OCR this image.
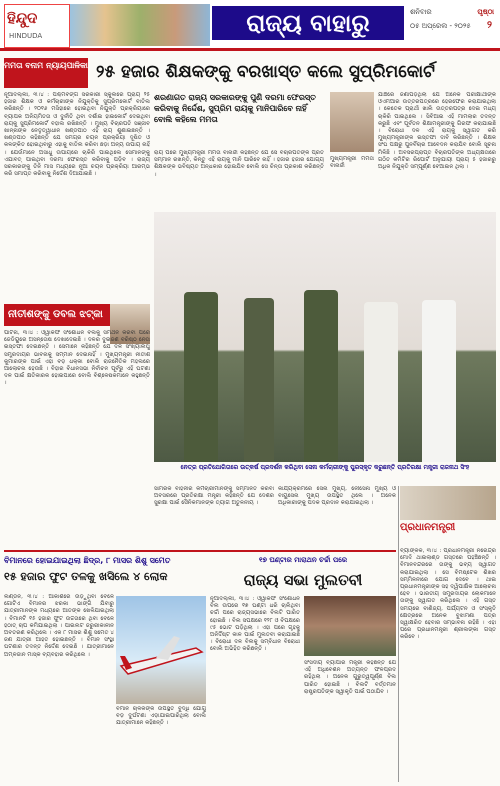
ହିନ୍ଦୁଦ
HINDUDA	ରାଜ୍ୟ ବାହାରୁ	ଶନିବାର	ପୃଷ୍ଠା
୦୫ ଅପ୍ରେଲ - ୨୦୨୫ ୨
ମମତା ବନାମ ନ୍ୟାୟପାଳିକା ୨୫ ହଜାର ଶିକ୍ଷକଙ୍କୁ ବରଖାସ୍ତ କଲେ ସୁପ୍ରିମକୋର୍ଟ
ନୂଆଦିଲ୍ଲୀ, ୩।୪ : ପଶ୍ଚିମବଙ୍ଗ ସରକାରୀ ସ୍କୁଲରେ ପ୍ରାୟ ୨୫ ହଜାର ଶିକ୍ଷକ ଓ କର୍ମଚାରୀଙ୍କ ନିଯୁକ୍ତିକୁ ସୁପ୍ରିମକୋର୍ଟ ବାତିଲ କରିଛନ୍ତି । ୨୦୧୬ ମସିହାରେ ହୋଇଥିବା ନିଯୁକ୍ତି ପ୍ରକ୍ରିୟାରେ ବ୍ୟାପକ ଅନିୟମିତତା ଓ ଦୁର୍ନୀତି ଥିବା ଦର୍ଶାଇ ହାଇକୋର୍ଟ ଦେଇଥିବା ରାୟକୁ ସୁପ୍ରିମକୋର୍ଟ ବହାଲ ରଖିଛନ୍ତି । ମୁଖ୍ୟ ବିଚାରପତି ସଞ୍ଜୀବ ଖାନ୍ନାଙ୍କ ନେତୃତ୍ୱାଧୀନ ଖଣ୍ଡପୀଠ ଏହି ରାୟ ଶୁଣାଇଛନ୍ତି । ଖଣ୍ଡପୀଠ କହିଛନ୍ତି ଯେ ସମଗ୍ର ଚୟନ ପ୍ରକ୍ରିୟା ଦୂଷିତ ଓ କଳଙ୍କିତ ହୋଇଥିବାରୁ ଏହାକୁ ବାତିଲ କରିବା ଛଡ଼ା ଅନ୍ୟ ଉପାୟ ନାହିଁ । ଯେଉଁମାନେ ଅସାଧୁ ଉପାୟରେ ଚାକିରି ପାଇଥିଲେ ସେମାନଙ୍କୁ ଏଯାବତ୍ ପାଇଥିବା ଦରମା ଫେରସ୍ତ କରିବାକୁ ପଡ଼ିବ । ରାଜ୍ୟ ସରକାରଙ୍କୁ ତିନି ମାସ ମଧ୍ୟରେ ନୂଆ ଚୟନ ପ୍ରକ୍ରିୟା ଆରମ୍ଭ କରି ସମାପ୍ତ କରିବାକୁ ନିର୍ଦ୍ଦେଶ ଦିଆଯାଇଛି ।
ଶରଣାଗତ ରାଜ୍ୟ ସରକାରଙ୍କୁ ପୁଣି ଦରମା ଫେରସ୍ତ କରିବାକୁ ନିର୍ଦ୍ଦେଶ, ସୁପ୍ରିମ ରାୟକୁ ମାନିପାରିବେ ନାହିଁ ବୋଲି କହିଲେ ମମତା
ରାୟ ପରେ ମୁଖ୍ୟମନ୍ତ୍ରୀ ମମତା ବାନାର୍ଜୀ କହିଛନ୍ତି ଯେ ସେ ବିଚାରପତିଙ୍କ ପ୍ରତି ସମ୍ମାନ ରଖନ୍ତି, କିନ୍ତୁ ଏହି ରାୟକୁ ମାନି ପାରିବେ ନାହିଁ । ହଜାର ହଜାର ଯୋଗ୍ୟ ଶିକ୍ଷକଙ୍କ ଭବିଷ୍ୟତ ଅନ୍ଧକାର ହୋଇଯିବ ବୋଲି ସେ ଚିନ୍ତା ପ୍ରକାଶ କରିଛନ୍ତି ।
ମୁଖ୍ୟମନ୍ତ୍ରୀ ମମତା ବାନାର୍ଜୀ
ଯାଞ୍ଚରେ ଜଣାପଡ଼ିଥିଲା ଯେ ଅନେକ ପରୀକ୍ଷାର୍ଥୀଙ୍କ ଓଏମଆର ଉତ୍ତରପତ୍ରରେ ହେରଫେର କରାଯାଇଥିଲା । କେତେକ ପ୍ରାର୍ଥୀ ଖାଲି ଉତ୍ତରପତ୍ର ଦେଇ ମଧ୍ୟ ଚାକିରି ପାଇଥିଲେ । ସିବିଆଇ ଏହି ମାମଲାର ତଦନ୍ତ କରୁଛି ଏବଂ ପୂର୍ବତନ ଶିକ୍ଷାମନ୍ତ୍ରୀଙ୍କୁ ଗିରଫ କରାଯାଇଛି । ବିରୋଧୀ ଦଳ ଏହି ରାୟକୁ ସ୍ୱାଗତ କରି ମୁଖ୍ୟମନ୍ତ୍ରୀଙ୍କ ଇସ୍ତଫା ଦାବି କରିଛନ୍ତି । ଶିକ୍ଷକ ସଂଘ ପକ୍ଷରୁ ପୁନର୍ବିଚାର ଆବେଦନ କରାଯିବ ବୋଲି ସୂଚନା ମିଳିଛି । ଅବସରପ୍ରାପ୍ତ ବିଚାରପତିଙ୍କ ଅଧ୍ୟକ୍ଷତାରେ ଗଠିତ କମିଟିର ରିପୋର୍ଟ ଅନୁଯାୟୀ ପ୍ରାୟ ୫ ହଜାରରୁ ଅଧିକ ନିଯୁକ୍ତି ସମ୍ପୂର୍ଣ୍ଣ ବେଆଇନ ଥିଲା ।
ନୀତୀଶଙ୍କୁ ଡବଲ ଝଟ୍କା
ପାଟନା, ୩।୪ : ଓ୍ୱାକଫ ସଂଶୋଧନ ବିଲକୁ ସମର୍ଥନ କରିବା ପରେ ଜେଡିୟୁରେ ଅସନ୍ତୋଷ ଦେଖାଦେଇଛି । ଦଳର ଦୁଇଜଣ ବରିଷ୍ଠ ନେତା ଇସ୍ତଫା ଦେଇଛନ୍ତି । ସେମାନେ କହିଛନ୍ତି ଯେ ଦଳ ସଂଖ୍ୟାଲଘୁ ସମ୍ପ୍ରଦାୟର ଭାବନାକୁ ସମ୍ମାନ ଦେଇନାହିଁ । ମୁଖ୍ୟମନ୍ତ୍ରୀ ନୀତୀଶ କୁମାରଙ୍କ ପାଇଁ ଏହା ବଡ଼ ଧକ୍କା ବୋଲି ରାଜନୈତିକ ମହଲରେ ଆଲୋଚନା ହେଉଛି । ବିହାର ବିଧାନସଭା ନିର୍ବାଚନ ପୂର୍ବରୁ ଏହି ଘଟଣା ଦଳ ପାଇଁ କ୍ଷତିକାରକ ହୋଇପାରେ ବୋଲି ବିଶ୍ଳେଷକମାନେ କହୁଛନ୍ତି ।
ନେତ୍ର ପ୍ରତିଯୋଗିତାରେ ଉତ୍କର୍ଷ ପ୍ରଦର୍ଶନ କରିଥିବା ସେନା କର୍ମଚାରୀଙ୍କୁ ପୁରସ୍କୃତ କରୁଛନ୍ତି ପ୍ରତିରକ୍ଷା ମନ୍ତ୍ରୀ ରାଜନାଥ ସିଂହ
ସାମରିକ ବାହିନୀର କର୍ମଚାରୀମାନଙ୍କୁ ସମ୍ମାନିତ କରିବା ଅବସରରେ ପ୍ରତିରକ୍ଷା ମନ୍ତ୍ରୀ କହିଛନ୍ତି ଯେ ଦେଶର ସୁରକ୍ଷା ପାଇଁ ସୈନିକମାନଙ୍କ ତ୍ୟାଗ ଅତୁଳନୀୟ ।
କାର୍ଯ୍ୟକ୍ରମରେ ସେନା ମୁଖ୍ୟ, ନୌସେନା ମୁଖ୍ୟ ଓ ବାୟୁସେନା ମୁଖ୍ୟ ଉପସ୍ଥିତ ଥିଲେ । ଅନେକ ଅଧିକାରୀଙ୍କୁ ପଦକ ପ୍ରଦାନ କରାଯାଇଥିଲା ।
ପ୍ରଧାନମନ୍ତ୍ରୀ
ବ୍ୟାଙ୍କକ, ୩।୪ : ପ୍ରଧାନମନ୍ତ୍ରୀ ନରେନ୍ଦ୍ର ମୋଦି ଥାଇଲାଣ୍ଡ ଗସ୍ତରେ ପହଞ୍ଚିଛନ୍ତି । ବିମାନବନ୍ଦରରେ ତାଙ୍କୁ ଭବ୍ୟ ସ୍ୱାଗତ କରାଯାଇଥିଲା । ସେ ବିମଷ୍ଟେକ ଶିଖର ସମ୍ମିଳନୀରେ ଯୋଗ ଦେବେ । ଥାଇ ପ୍ରଧାନମନ୍ତ୍ରୀଙ୍କ ସହ ଦ୍ୱିପାକ୍ଷିକ ଆଲୋଚନା ହେବ । ଭାରତୀୟ ସମ୍ପ୍ରଦାୟର ଲୋକମାନେ ତାଙ୍କୁ ସ୍ୱାଗତ କରିଥିଲେ । ଏହି ଗସ୍ତ ସମୟରେ ବାଣିଜ୍ୟ, ପର୍ଯ୍ୟଟନ ଓ ସଂସ୍କୃତି କ୍ଷେତ୍ରରେ ଅନେକ ବୁଝାମଣା ପତ୍ର ସ୍ୱାକ୍ଷରିତ ହେବାର ସମ୍ଭାବନା ରହିଛି । ଏହା ପରେ ପ୍ରଧାନମନ୍ତ୍ରୀ ଶ୍ରୀଲଙ୍କା ଗସ୍ତ କରିବେ ।
ବିମାନରେ ହୋଇଯାଇଥିଲା ଛିଦ୍ର, ୮ ମାସର ଶିଶୁ ସମେତ
୧୫ ହଜାର ଫୁଟ ତଳକୁ ଖସିଲେ ୪ ଲୋକ
ଲଣ୍ଡନ, ୩।୪ : ଆକାଶରେ ଉଡ଼ୁଥିବା ବେଳେ ଗୋଟିଏ ବିମାନର ଝରକା ଭାଙ୍ଗି ଯିବାରୁ ଯାତ୍ରୀମାନଙ୍କ ମଧ୍ୟରେ ଆତଙ୍କ ଖେଳିଯାଇଥିଲା । ବିମାନଟି ୧୫ ହଜାର ଫୁଟ ଉଚ୍ଚତାରେ ଥିବା ବେଳେ ହଠାତ୍ ଚାପ କମିଯାଇଥିଲା । ପାଇଲଟ ଜରୁରୀକାଳୀନ ଅବତରଣ କରିଥିଲେ । ଏକ ୮ ମାସର ଶିଶୁ ସମେତ ୪ ଜଣ ଯାତ୍ରୀ ଆହତ ହୋଇଛନ୍ତି । ବିମାନ ସଂସ୍ଥା ଘଟଣାର ତଦନ୍ତ ନିର୍ଦ୍ଦେଶ ଦେଇଛି । ଯାତ୍ରୀମାନେ ଅମ୍ଳଜାନ ମାସ୍କ ବ୍ୟବହାର କରିଥିଲେ ।
ବିମାନ ଚାଳକଙ୍କ ଉପସ୍ଥିତ ବୁଦ୍ଧି ଯୋଗୁଁ ବଡ଼ ଦୁର୍ଘଟଣା ଏଡ଼ାଯାଇପାରିଥିଲା ବୋଲି ଯାତ୍ରୀମାନେ କହିଛନ୍ତି ।
୧୭ ଘଣ୍ଟାର ମାରାଥନ ଚର୍ଚ୍ଚା ପରେ
ରାଜ୍ୟ ସଭା ମୁଲତବୀ
ନୂଆଦିଲ୍ଲୀ, ୩।୪ : ଓ୍ୱାକଫ ସଂଶୋଧନ ବିଲ ଉପରେ ୧୭ ଘଣ୍ଟା ଧରି ଚାଲିଥିବା ଚର୍ଚ୍ଚା ପରେ ରାଜ୍ୟସଭାରେ ବିଲଟି ପାରିତ ହୋଇଛି । ବିଲ ସପକ୍ଷରେ ୧୨୮ ଓ ବିପକ୍ଷରେ ୯୫ ଭୋଟ ପଡ଼ିଥିଲା । ଏହା ପରେ ଗୃହକୁ ଅନିର୍ଦ୍ଦିଷ୍ଟ କାଳ ପାଇଁ ମୁଲତବୀ କରାଯାଇଛି । ବିରୋଧୀ ଦଳ ବିଲକୁ ସମ୍ବିଧାନ ବିରୋଧୀ ବୋଲି ଅଭିହିତ କରିଛନ୍ତି ।
ସଂସଦୀୟ ବ୍ୟାପାର ମନ୍ତ୍ରୀ କହିଛନ୍ତି ଯେ ଏହି ଅଧିବେଶନ ଅତ୍ୟନ୍ତ ଫଳପ୍ରଦ ରହିଥିଲା । ଅନେକ ଗୁରୁତ୍ୱପୂର୍ଣ୍ଣ ବିଲ ପାରିତ ହୋଇଛି । ବିଲଟି ବର୍ତ୍ତମାନ ରାଷ୍ଟ୍ରପତିଙ୍କ ସ୍ୱୀକୃତି ପାଇଁ ପଠାଯିବ ।
